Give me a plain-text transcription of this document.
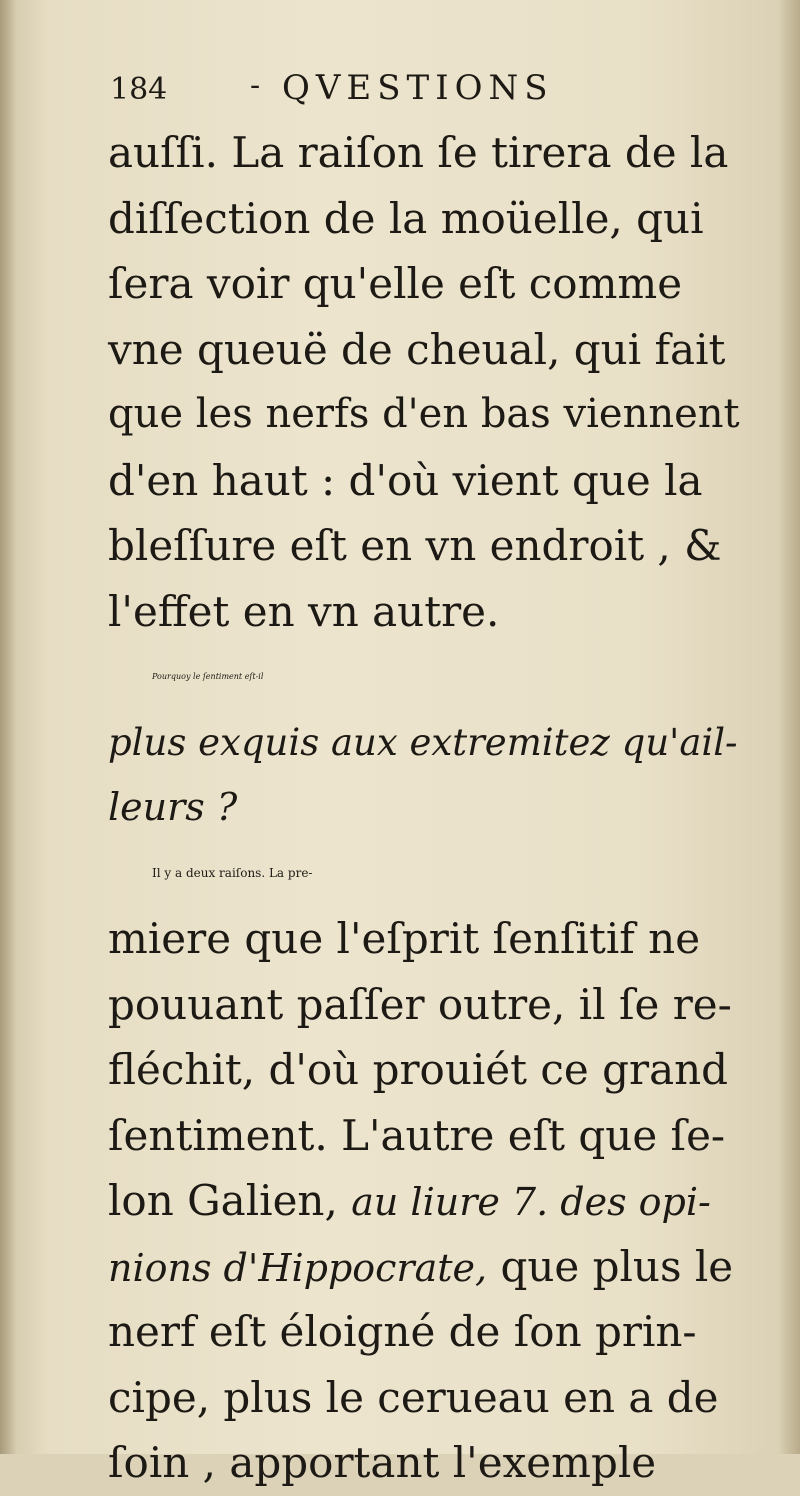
184	- QVESTIONS
auſſi. La raiſon ſe tirera de la
diſſection de la moüelle, qui
ſera voir qu'elle eſt comme
vne queuë de cheual, qui fait
que les nerfs d'en bas viennent
d'en haut : d'où vient que la
bleſſure eſt en vn endroit , &
l'effet en vn autre.
Pourquoy le ſentiment eſt-il
plus exquis aux extremitez qu'ail-
leurs ?
Il y a deux raiſons. La pre-
miere que l'eſprit ſenſitif ne
pouuant paſſer outre, il ſe re-
fléchit, d'où prouiét ce grand
ſentiment. L'autre eſt que ſe-
lon Galien, au liure 7. des opi-
nions d'Hippocrate, que plus le
nerf eſt éloigné de ſon prin-
cipe, plus le cerueau en a de
ſoin , apportant l'exemple
